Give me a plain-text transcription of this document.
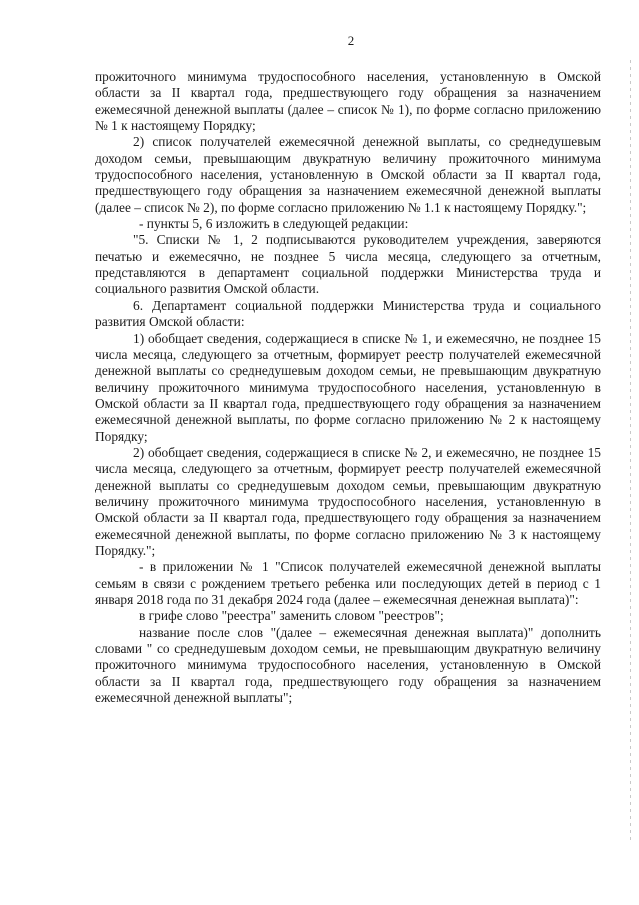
2

прожиточного минимума трудоспособного населения, установленную в Омской области за II квартал года, предшествующего году обращения за назначением ежемесячной денежной выплаты (далее – список № 1), по форме согласно приложению № 1 к настоящему Порядку;

2) список получателей ежемесячной денежной выплаты, со среднедушевым доходом семьи, превышающим двукратную величину прожиточного минимума трудоспособного населения, установленную в Омской области за II квартал года, предшествующего году обращения за назначением ежемесячной денежной выплаты (далее – список № 2), по форме согласно приложению № 1.1 к настоящему Порядку.";

- пункты 5, 6 изложить в следующей редакции:

"5. Списки № 1, 2 подписываются руководителем учреждения, заверяются печатью и ежемесячно, не позднее 5 числа месяца, следующего за отчетным, представляются в департамент социальной поддержки Министерства труда и социального развития Омской области.

6. Департамент социальной поддержки Министерства труда и социального развития Омской области:

1) обобщает сведения, содержащиеся в списке № 1, и ежемесячно, не позднее 15 числа месяца, следующего за отчетным, формирует реестр получателей ежемесячной денежной выплаты со среднедушевым доходом семьи, не превышающим двукратную величину прожиточного минимума трудоспособного населения, установленную в Омской области за II квартал года, предшествующего году обращения за назначением ежемесячной денежной выплаты, по форме согласно приложению № 2 к настоящему Порядку;

2) обобщает сведения, содержащиеся в списке № 2, и ежемесячно, не позднее 15 числа месяца, следующего за отчетным, формирует реестр получателей ежемесячной денежной выплаты со среднедушевым доходом семьи, превышающим двукратную величину прожиточного минимума трудоспособного населения, установленную в Омской области за II квартал года, предшествующего году обращения за назначением ежемесячной денежной выплаты, по форме согласно приложению № 3 к настоящему Порядку.";

- в приложении № 1 "Список получателей ежемесячной денежной выплаты семьям в связи с рождением третьего ребенка или последующих детей в период с 1 января 2018 года по 31 декабря 2024 года (далее – ежемесячная денежная выплата)":

в грифе слово "реестра" заменить словом "реестров";

название после слов "(далее – ежемесячная денежная выплата)" дополнить словами " со среднедушевым доходом семьи, не превышающим двукратную величину прожиточного минимума трудоспособного населения, установленную в Омской области за II квартал года, предшествующего году обращения за назначением ежемесячной денежной выплаты";
